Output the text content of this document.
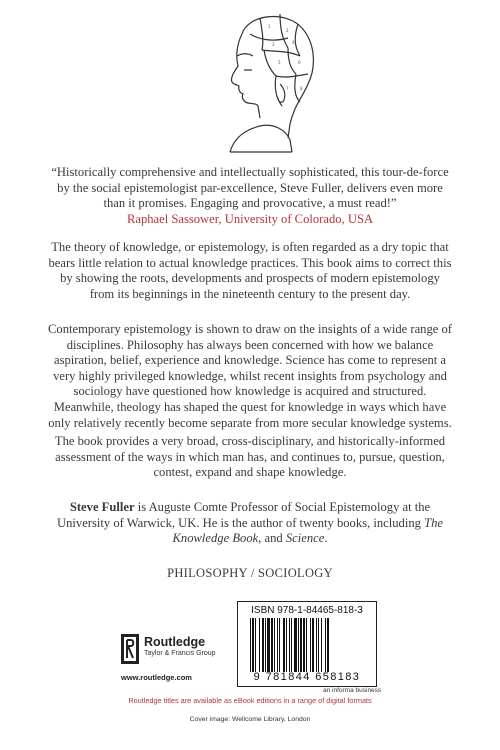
1
2
3	4
5	6
7	8
“Historically comprehensive and intellectually sophisticated, this tour-de-force by the social epistemologist par-excellence, Steve Fuller, delivers even more than it promises. Engaging and provocative, a must read!”
Raphael Sassower, University of Colorado, USA
The theory of knowledge, or epistemology, is often regarded as a dry topic that bears little relation to actual knowledge practices. This book aims to correct this by showing the roots, developments and prospects of modern epistemology from its beginnings in the nineteenth century to the present day.
Contemporary epistemology is shown to draw on the insights of a wide range of disciplines. Philosophy has always been concerned with how we balance aspiration, belief, experience and knowledge. Science has come to represent a very highly privileged knowledge, whilst recent insights from psychology and sociology have questioned how knowledge is acquired and structured. Meanwhile, theology has shaped the quest for knowledge in ways which have only relatively recently become separate from more secular knowledge systems.
The book provides a very broad, cross-disciplinary, and historically-informed assessment of the ways in which man has, and continues to, pursue, question, contest, expand and shape knowledge.
Steve Fuller is Auguste Comte Professor of Social Epistemology at the University of Warwick, UK. He is the author of twenty books, including The Knowledge Book, and Science.
PHILOSOPHY / SOCIOLOGY
ISBN 978-1-84465-818-3
9 781844 658183
an informa business
Routledge
Taylor & Francis Group
www.routledge.com
Routledge titles are available as eBook editions in a range of digital formats
Cover image: Wellcome Library, London
